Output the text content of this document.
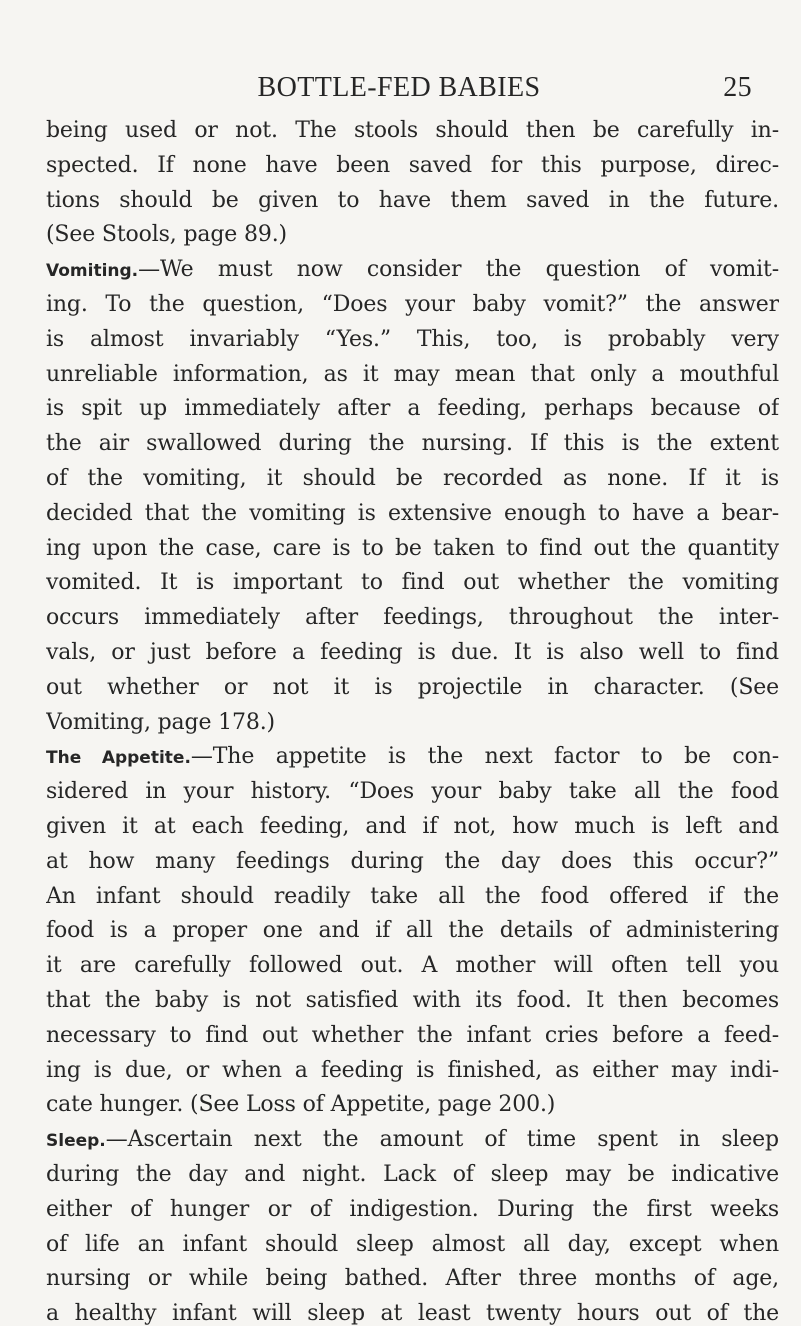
BOTTLE-FED BABIES	25
being used or not. The stools should then be carefully in-
spected. If none have been saved for this purpose, direc-
tions should be given to have them saved in the future.
(See Stools, page 89.)
Vomiting.—We must now consider the question of vomit-
ing. To the question, “Does your baby vomit?” the answer
is almost invariably “Yes.” This, too, is probably very
unreliable information, as it may mean that only a mouthful
is spit up immediately after a feeding, perhaps because of
the air swallowed during the nursing. If this is the extent
of the vomiting, it should be recorded as none. If it is
decided that the vomiting is extensive enough to have a bear-
ing upon the case, care is to be taken to find out the quantity
vomited. It is important to find out whether the vomiting
occurs immediately after feedings, throughout the inter-
vals, or just before a feeding is due. It is also well to find
out whether or not it is projectile in character. (See
Vomiting, page 178.)
The Appetite.—The appetite is the next factor to be con-
sidered in your history. “Does your baby take all the food
given it at each feeding, and if not, how much is left and
at how many feedings during the day does this occur?”
An infant should readily take all the food offered if the
food is a proper one and if all the details of administering
it are carefully followed out. A mother will often tell you
that the baby is not satisfied with its food. It then becomes
necessary to find out whether the infant cries before a feed-
ing is due, or when a feeding is finished, as either may indi-
cate hunger. (See Loss of Appetite, page 200.)
Sleep.—Ascertain next the amount of time spent in sleep
during the day and night. Lack of sleep may be indicative
either of hunger or of indigestion. During the first weeks
of life an infant should sleep almost all day, except when
nursing or while being bathed. After three months of age,
a healthy infant will sleep at least twenty hours out of the
